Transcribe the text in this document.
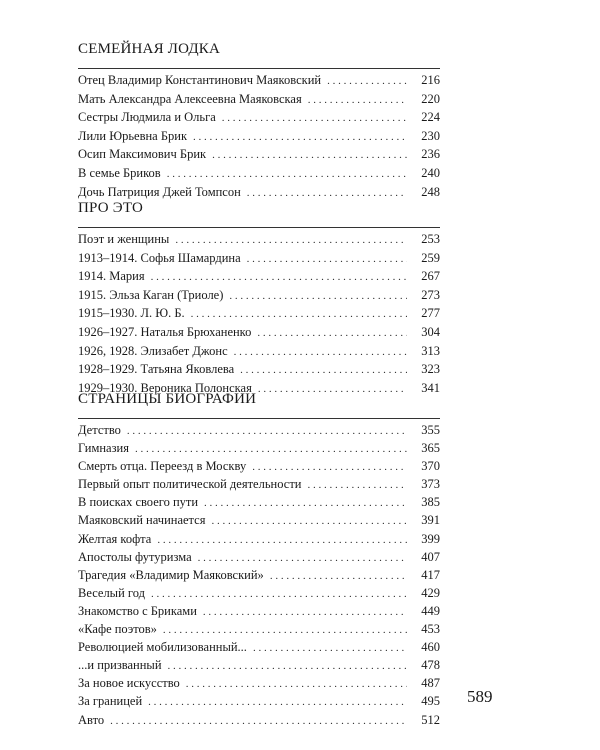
СЕМЕЙНАЯ ЛОДКА
Отец Владимир Константинович Маяковский . . .	216
Мать Александра Алексеевна Маяковская . . .	220
Сестры Людмила и Ольга . . .	224
Лили Юрьевна Брик . . .	230
Осип Максимович Брик . . .	236
В семье Бриков . . .	240
Дочь Патриция Джей Томпсон . . .	248
ПРО ЭТО
Поэт и женщины . . .	253
1913–1914. Софья Шамардина . . .	259
1914. Мария . . .	267
1915. Эльза Каган (Триоле) . . .	273
1915–1930. Л. Ю. Б. . . .	277
1926–1927. Наталья Брюханенко . . .	304
1926, 1928. Элизабет Джонс . . .	313
1928–1929. Татьяна Яковлева . . .	323
1929–1930. Вероника Полонская . . .	341
СТРАНИЦЫ БИОГРАФИИ
Детство . . .	355
Гимназия . . .	365
Смерть отца. Переезд в Москву . . .	370
Первый опыт политической деятельности . . .	373
В поисках своего пути . . .	385
Маяковский начинается . . .	391
Желтая кофта . . .	399
Апостолы футуризма . . .	407
Трагедия «Владимир Маяковский» . . .	417
Веселый год . . .	429
Знакомство с Бриками . . .	449
«Кафе поэтов» . . .	453
Революцией мобилизованный... . . .	460
...и призванный . . .	478
За новое искусство . . .	487
За границей . . .	495
Авто . . .	512
589
